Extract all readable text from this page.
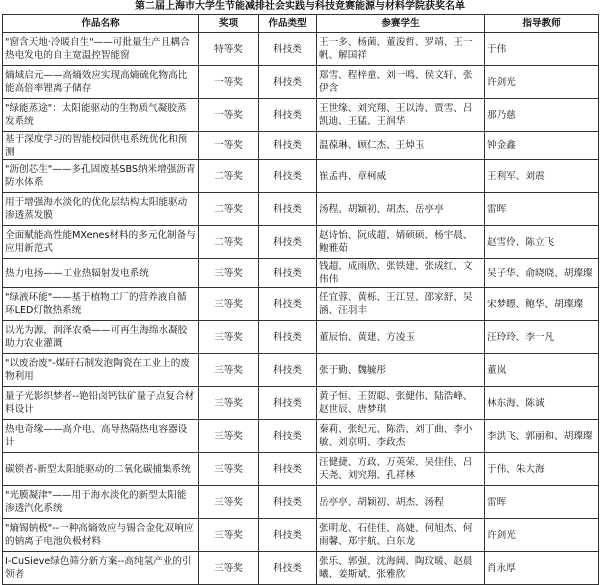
第二届上海市大学生节能减排社会实践与科技竞赛能源与材料学院获奖名单
作品名称	奖项	作品类型	参赛学生	指导教师
"窗含天地·冷暖自生"——可批量生产且耦合热电发电的自主宽温控智能窗	特等奖	科技类	王一多、杨菌、董浚哲、罗靖、王一帆、解国祥	于伟
熵域启元——高熵效应实现高熵硫化物高比能高倍率锂离子储存	一等奖	科技类	郑雪、程梓童、刘一鸣、侯文轩、张伊含	许剑光
"绿能蒸途"：太阳能驱动的生物质气凝胶蒸发系统	一等奖	科技类	王世缘、刘究翔、王以涛、贾雪、吕凯迪、王猛、王润华	那乃慈
基于深度学习的智能校园供电系统优化和预测	一等奖	科技类	温葆琳、顾仁杰、王焯玉	钟金鑫
"沥创芯生"——多孔固废基SBS纳米增强沥青防水体系	二等奖	科技类	崔孟冉、章柯威	王利军、刘震
用于增强海水淡化的优化层结构太阳能驱动渗透蒸发膜	二等奖	科技类	汤程、胡颖初、胡杰、岳亭亭	雷晖
全面赋能高性能MXenes材料的多元化制备与应用新范式	二等奖	科技类	赵诗怡、阮成超、婧硕硕、杨宇晨、鲍雅茹	赵雪伶、陈立飞
热力电扬——工业热辐射发电系统	三等奖	科技类	钱超、成雨欣、张铁建、张成红、文伟伟	吴子华、俞晓晓、胡璨璨
"绿液环能"——基于植物工厂的营养液自循环LED灯散热系统	三等奖	科技类	任宜蓉、黄栎、王江昱、邵家舒、吴涵、汪羽丰	宋梦瞟、鲍华、胡璨璨
以光为源，润泽农桑——可再生海绵水凝胶助力农业灌溉	三等奖	科技类	董辰怡、黄建、方凌玉	汪玲玲、李一凡
"以废治废"-煤矸石制发泡陶瓷在工业上的废物利用	三等奖	科技类	张于勤、魏毓彤	董岚
量子光影织梦者--铯铅卤钙钛矿量子点复合材料设计	三等奖	科技类	黄子恒、王贺聪、张健伟、陆浩峰、赵世辰、唐梦琪	林东海、陈诚
热电奇缘——高介电、高导热隔热电容器设计	三等奖	科技类	秦莉、张纪元、陈浩、刘丁曲、李小敏、刘京明、李政杰	李洪飞、郭丽和、胡璨璨
碳锁者-新型太阳能驱动的二氧化碳捕集系统	三等奖	科技类	汪健捷、方政、万英荣、吴佳佳、吕天尧、刘究翔、孔祥林	于伟、朱大海
"光膜凝津"——用于海水淡化的新型太阳能渗透汽化系统	三等奖	科技类	岳亭亭、胡颖初、胡杰、汤程	雷晖
"熵锡钠极"--一种高熵效应与锡合金化双响应的钠离子电池负极材料	三等奖	科技类	张明龙、石佳佳、高婕、何旭杰、何雨馨、郑宇航、白东龙	许剑光
I-CuSieve绿色筛分新方案--高纯氢产业的引领者	三等奖	科技类	张乐、郭强、沈海阔、陶玟暖、赵晨曦、姜斯斌、张雅欣	肖永厚
